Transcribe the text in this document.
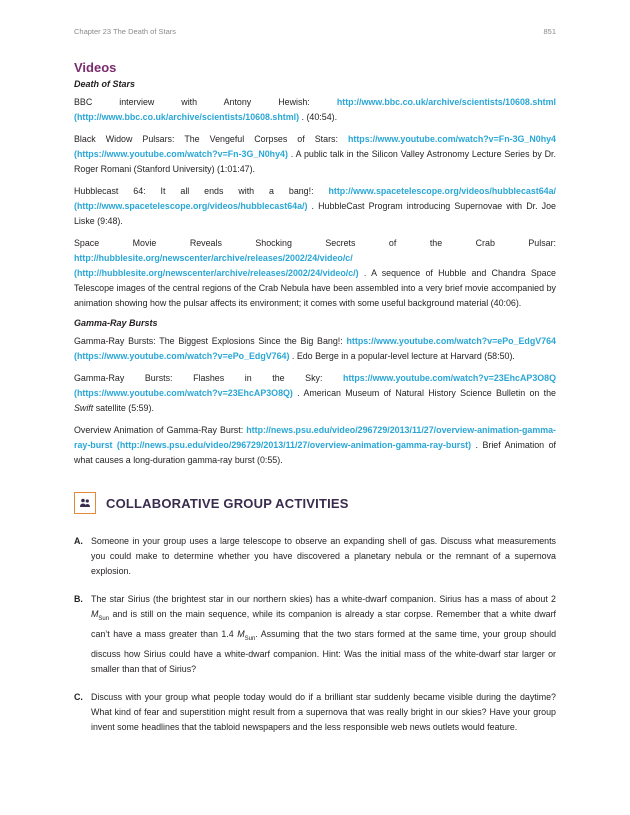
Chapter 23 The Death of Stars	851
Videos
Death of Stars

BBC interview with Antony Hewish: http://www.bbc.co.uk/archive/scientists/10608.shtml (http://www.bbc.co.uk/archive/scientists/10608.shtml) . (40:54).

Black Widow Pulsars: The Vengeful Corpses of Stars: https://www.youtube.com/watch?v=Fn-3G_N0hy4 (https://www.youtube.com/watch?v=Fn-3G_N0hy4) . A public talk in the Silicon Valley Astronomy Lecture Series by Dr. Roger Romani (Stanford University) (1:01:47).

Hubblecast 64: It all ends with a bang!: http://www.spacetelescope.org/videos/hubblecast64a/ (http://www.spacetelescope.org/videos/hubblecast64a/) . HubbleCast Program introducing Supernovae with Dr. Joe Liske (9:48).

Space Movie Reveals Shocking Secrets of the Crab Pulsar: http://hubblesite.org/newscenter/archive/releases/2002/24/video/c/ (http://hubblesite.org/newscenter/archive/releases/2002/24/video/c/) . A sequence of Hubble and Chandra Space Telescope images of the central regions of the Crab Nebula have been assembled into a very brief movie accompanied by animation showing how the pulsar affects its environment; it comes with some useful background material (40:06).

Gamma-Ray Bursts

Gamma-Ray Bursts: The Biggest Explosions Since the Big Bang!: https://www.youtube.com/watch?v=ePo_EdgV764 (https://www.youtube.com/watch?v=ePo_EdgV764) . Edo Berge in a popular-level lecture at Harvard (58:50).

Gamma-Ray Bursts: Flashes in the Sky: https://www.youtube.com/watch?v=23EhcAP3O8Q (https://www.youtube.com/watch?v=23EhcAP3O8Q) . American Museum of Natural History Science Bulletin on the Swift satellite (5:59).

Overview Animation of Gamma-Ray Burst: http://news.psu.edu/video/296729/2013/11/27/overview-animation-gamma-ray-burst (http://news.psu.edu/video/296729/2013/11/27/overview-animation-gamma-ray-burst) . Brief Animation of what causes a long-duration gamma-ray burst (0:55).

COLLABORATIVE GROUP ACTIVITIES
A. Someone in your group uses a large telescope to observe an expanding shell of gas. Discuss what measurements you could make to determine whether you have discovered a planetary nebula or the remnant of a supernova explosion.
B. The star Sirius (the brightest star in our northern skies) has a white-dwarf companion. Sirius has a mass of about 2 $M_{Sun}$ and is still on the main sequence, while its companion is already a star corpse. Remember that a white dwarf can’t have a mass greater than 1.4 $M_{Sun}$. Assuming that the two stars formed at the same time, your group should discuss how Sirius could have a white-dwarf companion. Hint: Was the initial mass of the white-dwarf star larger or smaller than that of Sirius?
C. Discuss with your group what people today would do if a brilliant star suddenly became visible during the daytime? What kind of fear and superstition might result from a supernova that was really bright in our skies? Have your group invent some headlines that the tabloid newspapers and the less responsible web news outlets would feature.
